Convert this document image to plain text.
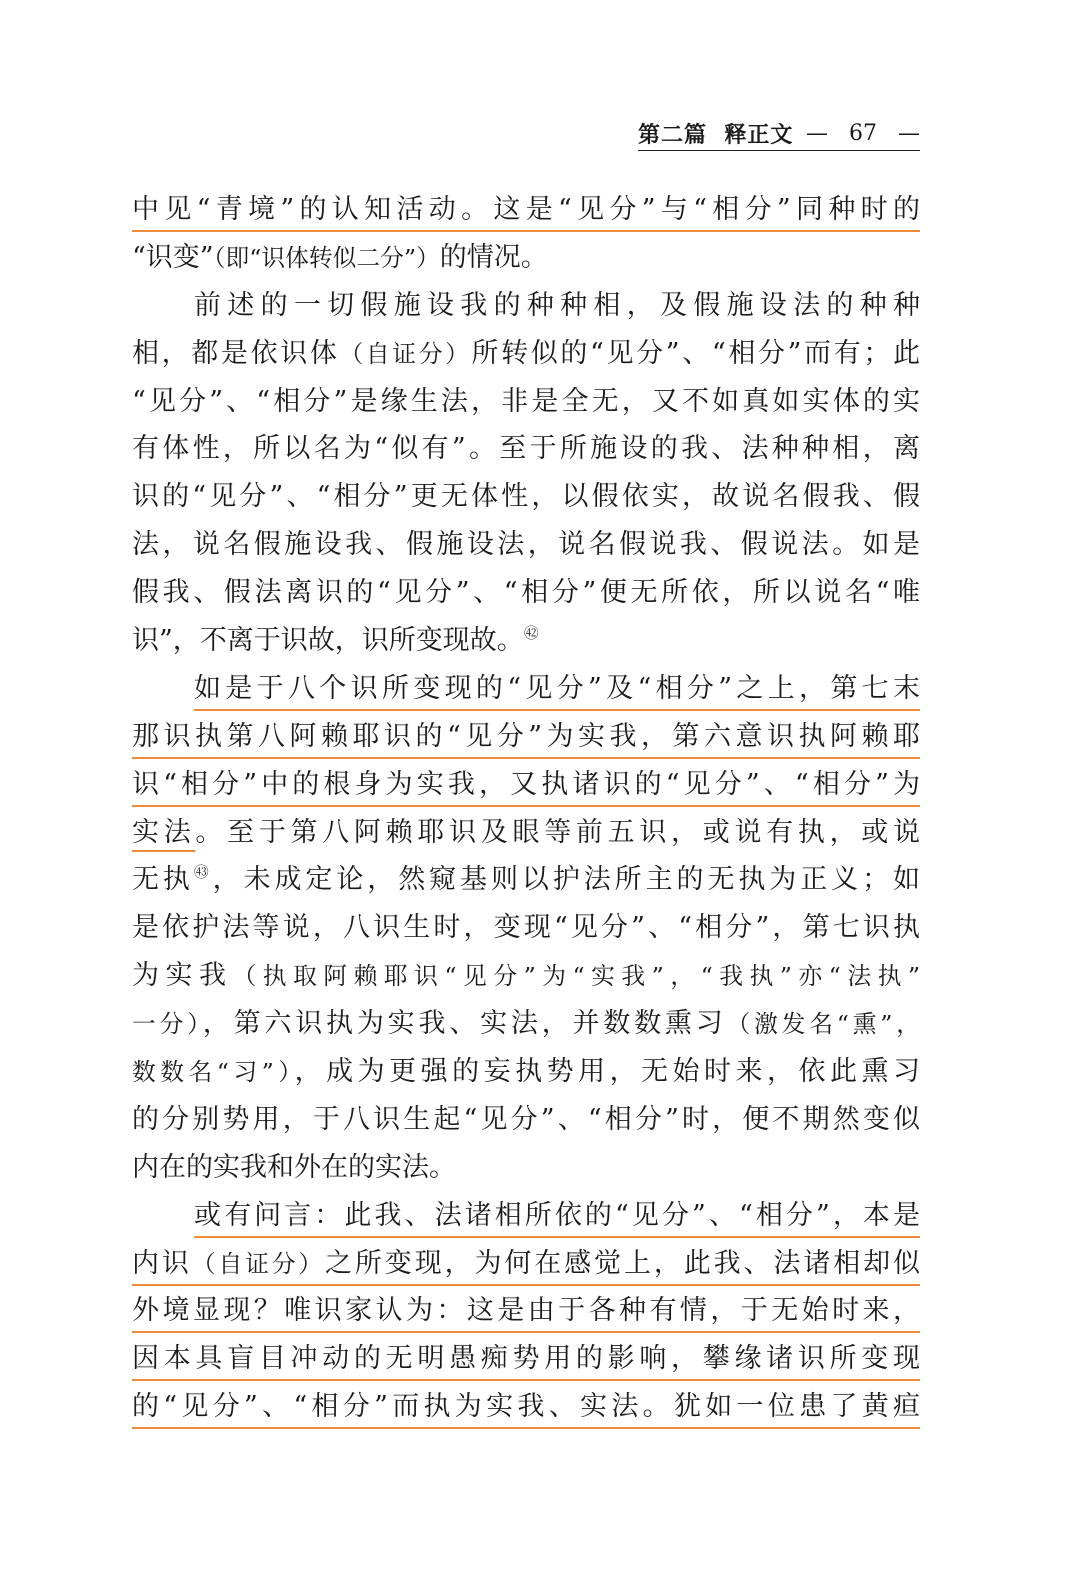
第二篇  释正文 —   67   —
中见“青境”的认知活动。这是“见分”与“相分”同种时的
“识变”（即“识体转似二分”）的情况。
前述的一切假施设我的种种相，及假施设法的种种
相，都是依识体（自证分）所转似的“见分”、“相分”而有；此
“见分”、“相分”是缘生法，非是全无，又不如真如实体的实
有体性，所以名为“似有”。至于所施设的我、法种种相，离
识的“见分”、“相分”更无体性，以假依实，故说名假我、假
法，说名假施设我、假施设法，说名假说我、假说法。如是
假我、假法离识的“见分”、“相分”便无所依，所以说名“唯
识”，不离于识故，识所变现故。$^㊷$
如是于八个识所变现的“见分”及“相分”之上，第七末
那识执第八阿赖耶识的“见分”为实我，第六意识执阿赖耶
识“相分”中的根身为实我，又执诸识的“见分”、“相分”为
实法。至于第八阿赖耶识及眼等前五识，或说有执，或说
无执$^㊸$，未成定论，然窥基则以护法所主的无执为正义；如
是依护法等说，八识生时，变现“见分”、“相分”，第七识执
为实我（执取阿赖耶识“见分”为“实我”，“我执”亦“法执”
一分），第六识执为实我、实法，并数数熏习（激发名“熏”，
数数名“习”），成为更强的妄执势用，无始时来，依此熏习
的分别势用，于八识生起“见分”、“相分”时，便不期然变似
内在的实我和外在的实法。
或有问言：此我、法诸相所依的“见分”、“相分”，本是
内识（自证分）之所变现，为何在感觉上，此我、法诸相却似
外境显现？唯识家认为：这是由于各种有情，于无始时来，
因本具盲目冲动的无明愚痴势用的影响，攀缘诸识所变现
的“见分”、“相分”而执为实我、实法。犹如一位患了黄疸
